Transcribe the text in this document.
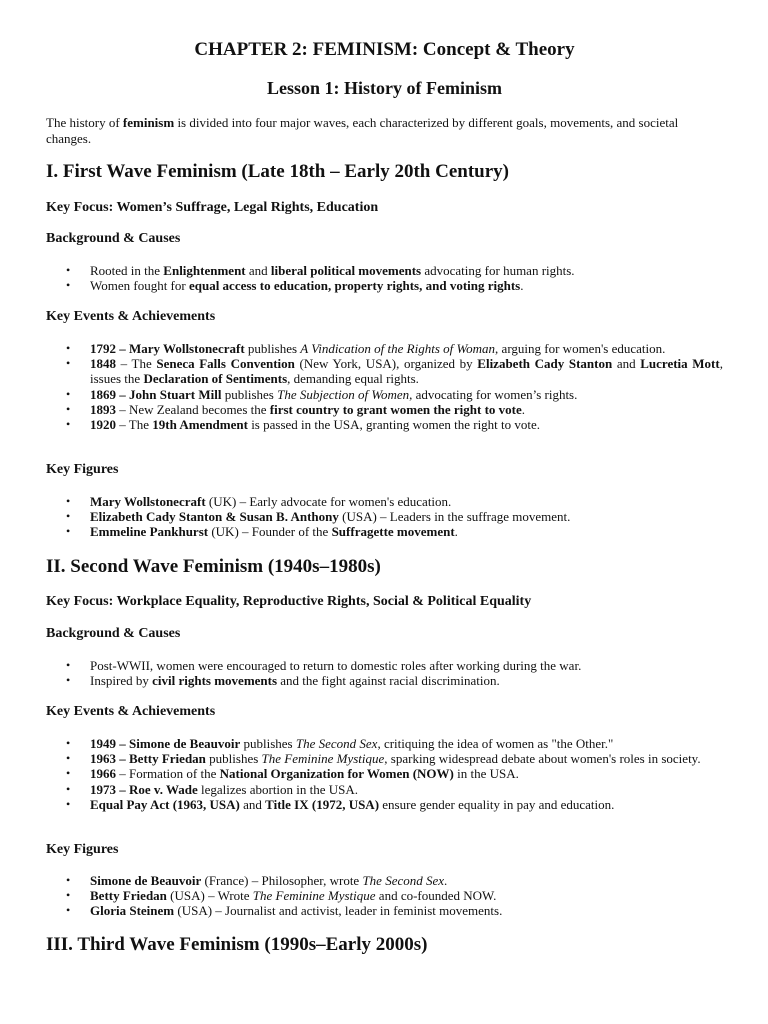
CHAPTER 2: FEMINISM: Concept & Theory
Lesson 1: History of Feminism

The history of feminism is divided into four major waves, each characterized by different goals, movements, and societal changes.

I. First Wave Feminism (Late 18th – Early 20th Century)
Key Focus: Women’s Suffrage, Legal Rights, Education
Background & Causes
• Rooted in the Enlightenment and liberal political movements advocating for human rights.
• Women fought for equal access to education, property rights, and voting rights.
Key Events & Achievements
• 1792 – Mary Wollstonecraft publishes A Vindication of the Rights of Woman, arguing for women's education.
• 1848 – The Seneca Falls Convention (New York, USA), organized by Elizabeth Cady Stanton and Lucretia Mott, issues the Declaration of Sentiments, demanding equal rights.
• 1869 – John Stuart Mill publishes The Subjection of Women, advocating for women’s rights.
• 1893 – New Zealand becomes the first country to grant women the right to vote.
• 1920 – The 19th Amendment is passed in the USA, granting women the right to vote.
Key Figures
• Mary Wollstonecraft (UK) – Early advocate for women's education.
• Elizabeth Cady Stanton & Susan B. Anthony (USA) – Leaders in the suffrage movement.
• Emmeline Pankhurst (UK) – Founder of the Suffragette movement.
II. Second Wave Feminism (1940s–1980s)
Key Focus: Workplace Equality, Reproductive Rights, Social & Political Equality
Background & Causes
• Post-WWII, women were encouraged to return to domestic roles after working during the war.
• Inspired by civil rights movements and the fight against racial discrimination.
Key Events & Achievements
• 1949 – Simone de Beauvoir publishes The Second Sex, critiquing the idea of women as "the Other."
• 1963 – Betty Friedan publishes The Feminine Mystique, sparking widespread debate about women's roles in society.
• 1966 – Formation of the National Organization for Women (NOW) in the USA.
• 1973 – Roe v. Wade legalizes abortion in the USA.
• Equal Pay Act (1963, USA) and Title IX (1972, USA) ensure gender equality in pay and education.
Key Figures
• Simone de Beauvoir (France) – Philosopher, wrote The Second Sex.
• Betty Friedan (USA) – Wrote The Feminine Mystique and co-founded NOW.
• Gloria Steinem (USA) – Journalist and activist, leader in feminist movements.
III. Third Wave Feminism (1990s–Early 2000s)
